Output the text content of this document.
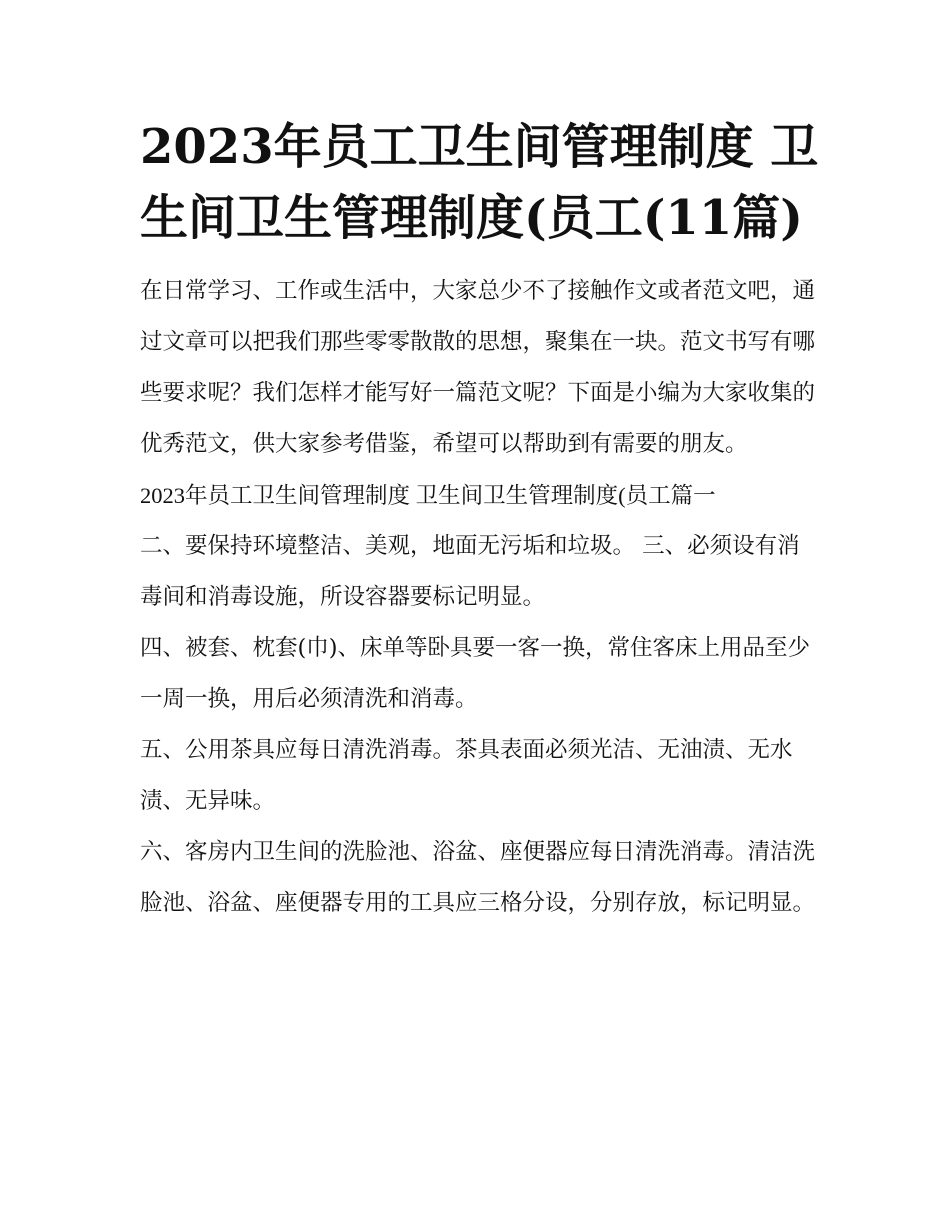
2023年员工卫生间管理制度 卫生间卫生管理制度(员工(11篇)

在日常学习、工作或生活中，大家总少不了接触作文或者范文吧，通过文章可以把我们那些零零散散的思想，聚集在一块。范文书写有哪些要求呢？我们怎样才能写好一篇范文呢？下面是小编为大家收集的优秀范文，供大家参考借鉴，希望可以帮助到有需要的朋友。

2023年员工卫生间管理制度 卫生间卫生管理制度(员工篇一

二、要保持环境整洁、美观，地面无污垢和垃圾。 三、必须设有消毒间和消毒设施，所设容器要标记明显。

四、被套、枕套(巾)、床单等卧具要一客一换，常住客床上用品至少一周一换，用后必须清洗和消毒。

五、公用茶具应每日清洗消毒。茶具表面必须光洁、无油渍、无水渍、无异味。

六、客房内卫生间的洗脸池、浴盆、座便器应每日清洗消毒。清洁洗脸池、浴盆、座便器专用的工具应三格分设，分别存放，标记明显。
